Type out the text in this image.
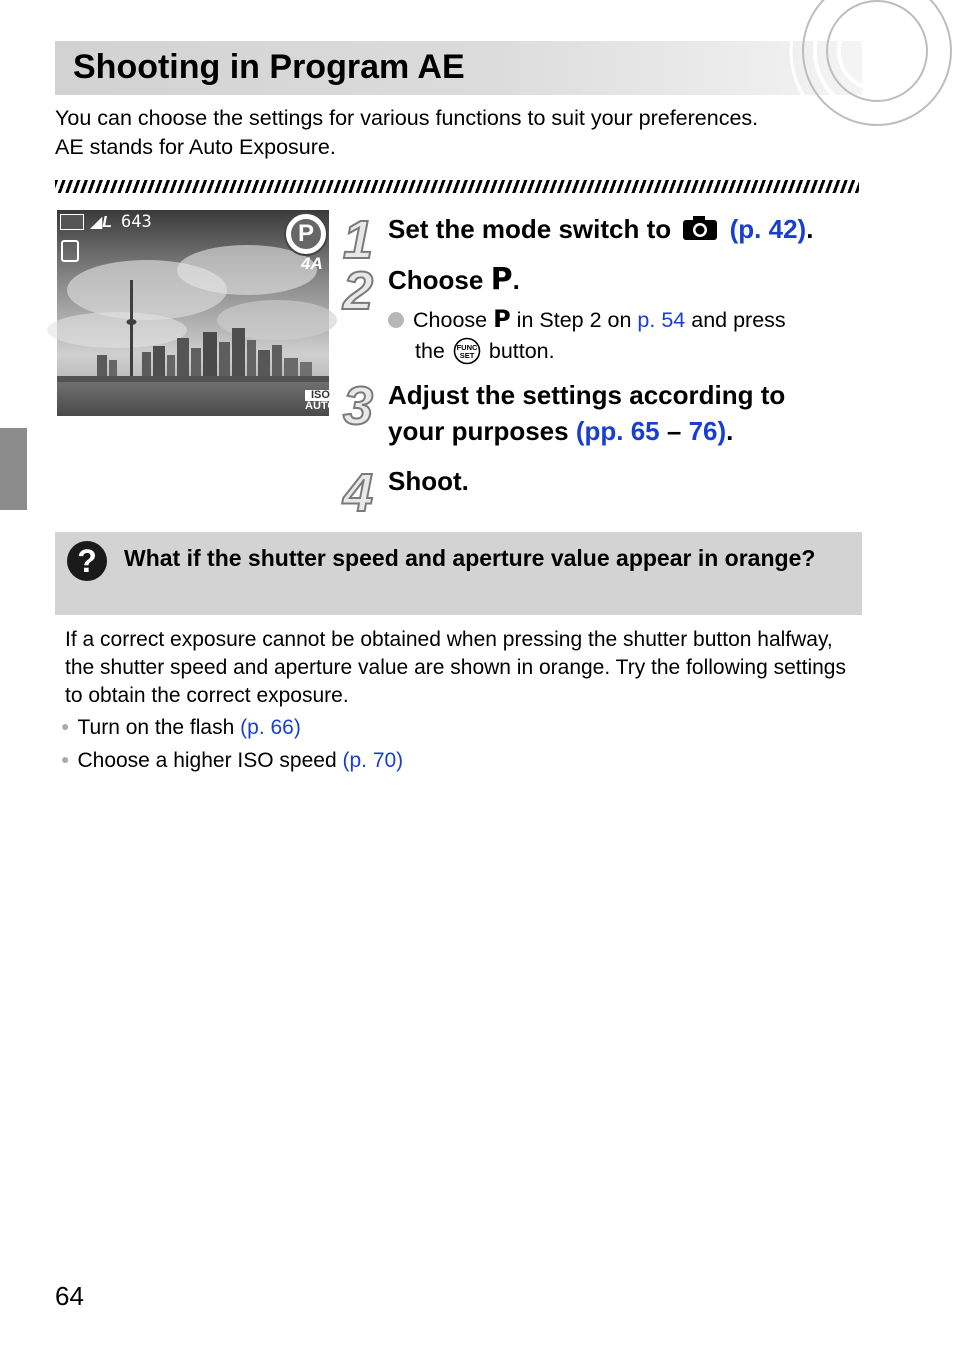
Shooting in Program AE
You can choose the settings for various functions to suit your preferences.
AE stands for Auto Exposure.
◢L 643	P
4A
ISO
AUTO
1 Set the mode switch to (p. 42).
2 Choose P.
Choose P in Step 2 on p. 54 and press
the FUNC
SET button.
3 Adjust the settings according to
your purposes (pp. 65 – 76).
4 Shoot.
?	What if the shutter speed and aperture value appear in orange?
If a correct exposure cannot be obtained when pressing the shutter button halfway, the shutter speed and aperture value are shown in orange. Try the following settings to obtain the correct exposure.
● Turn on the flash (p. 66)
● Choose a higher ISO speed (p. 70)
64
